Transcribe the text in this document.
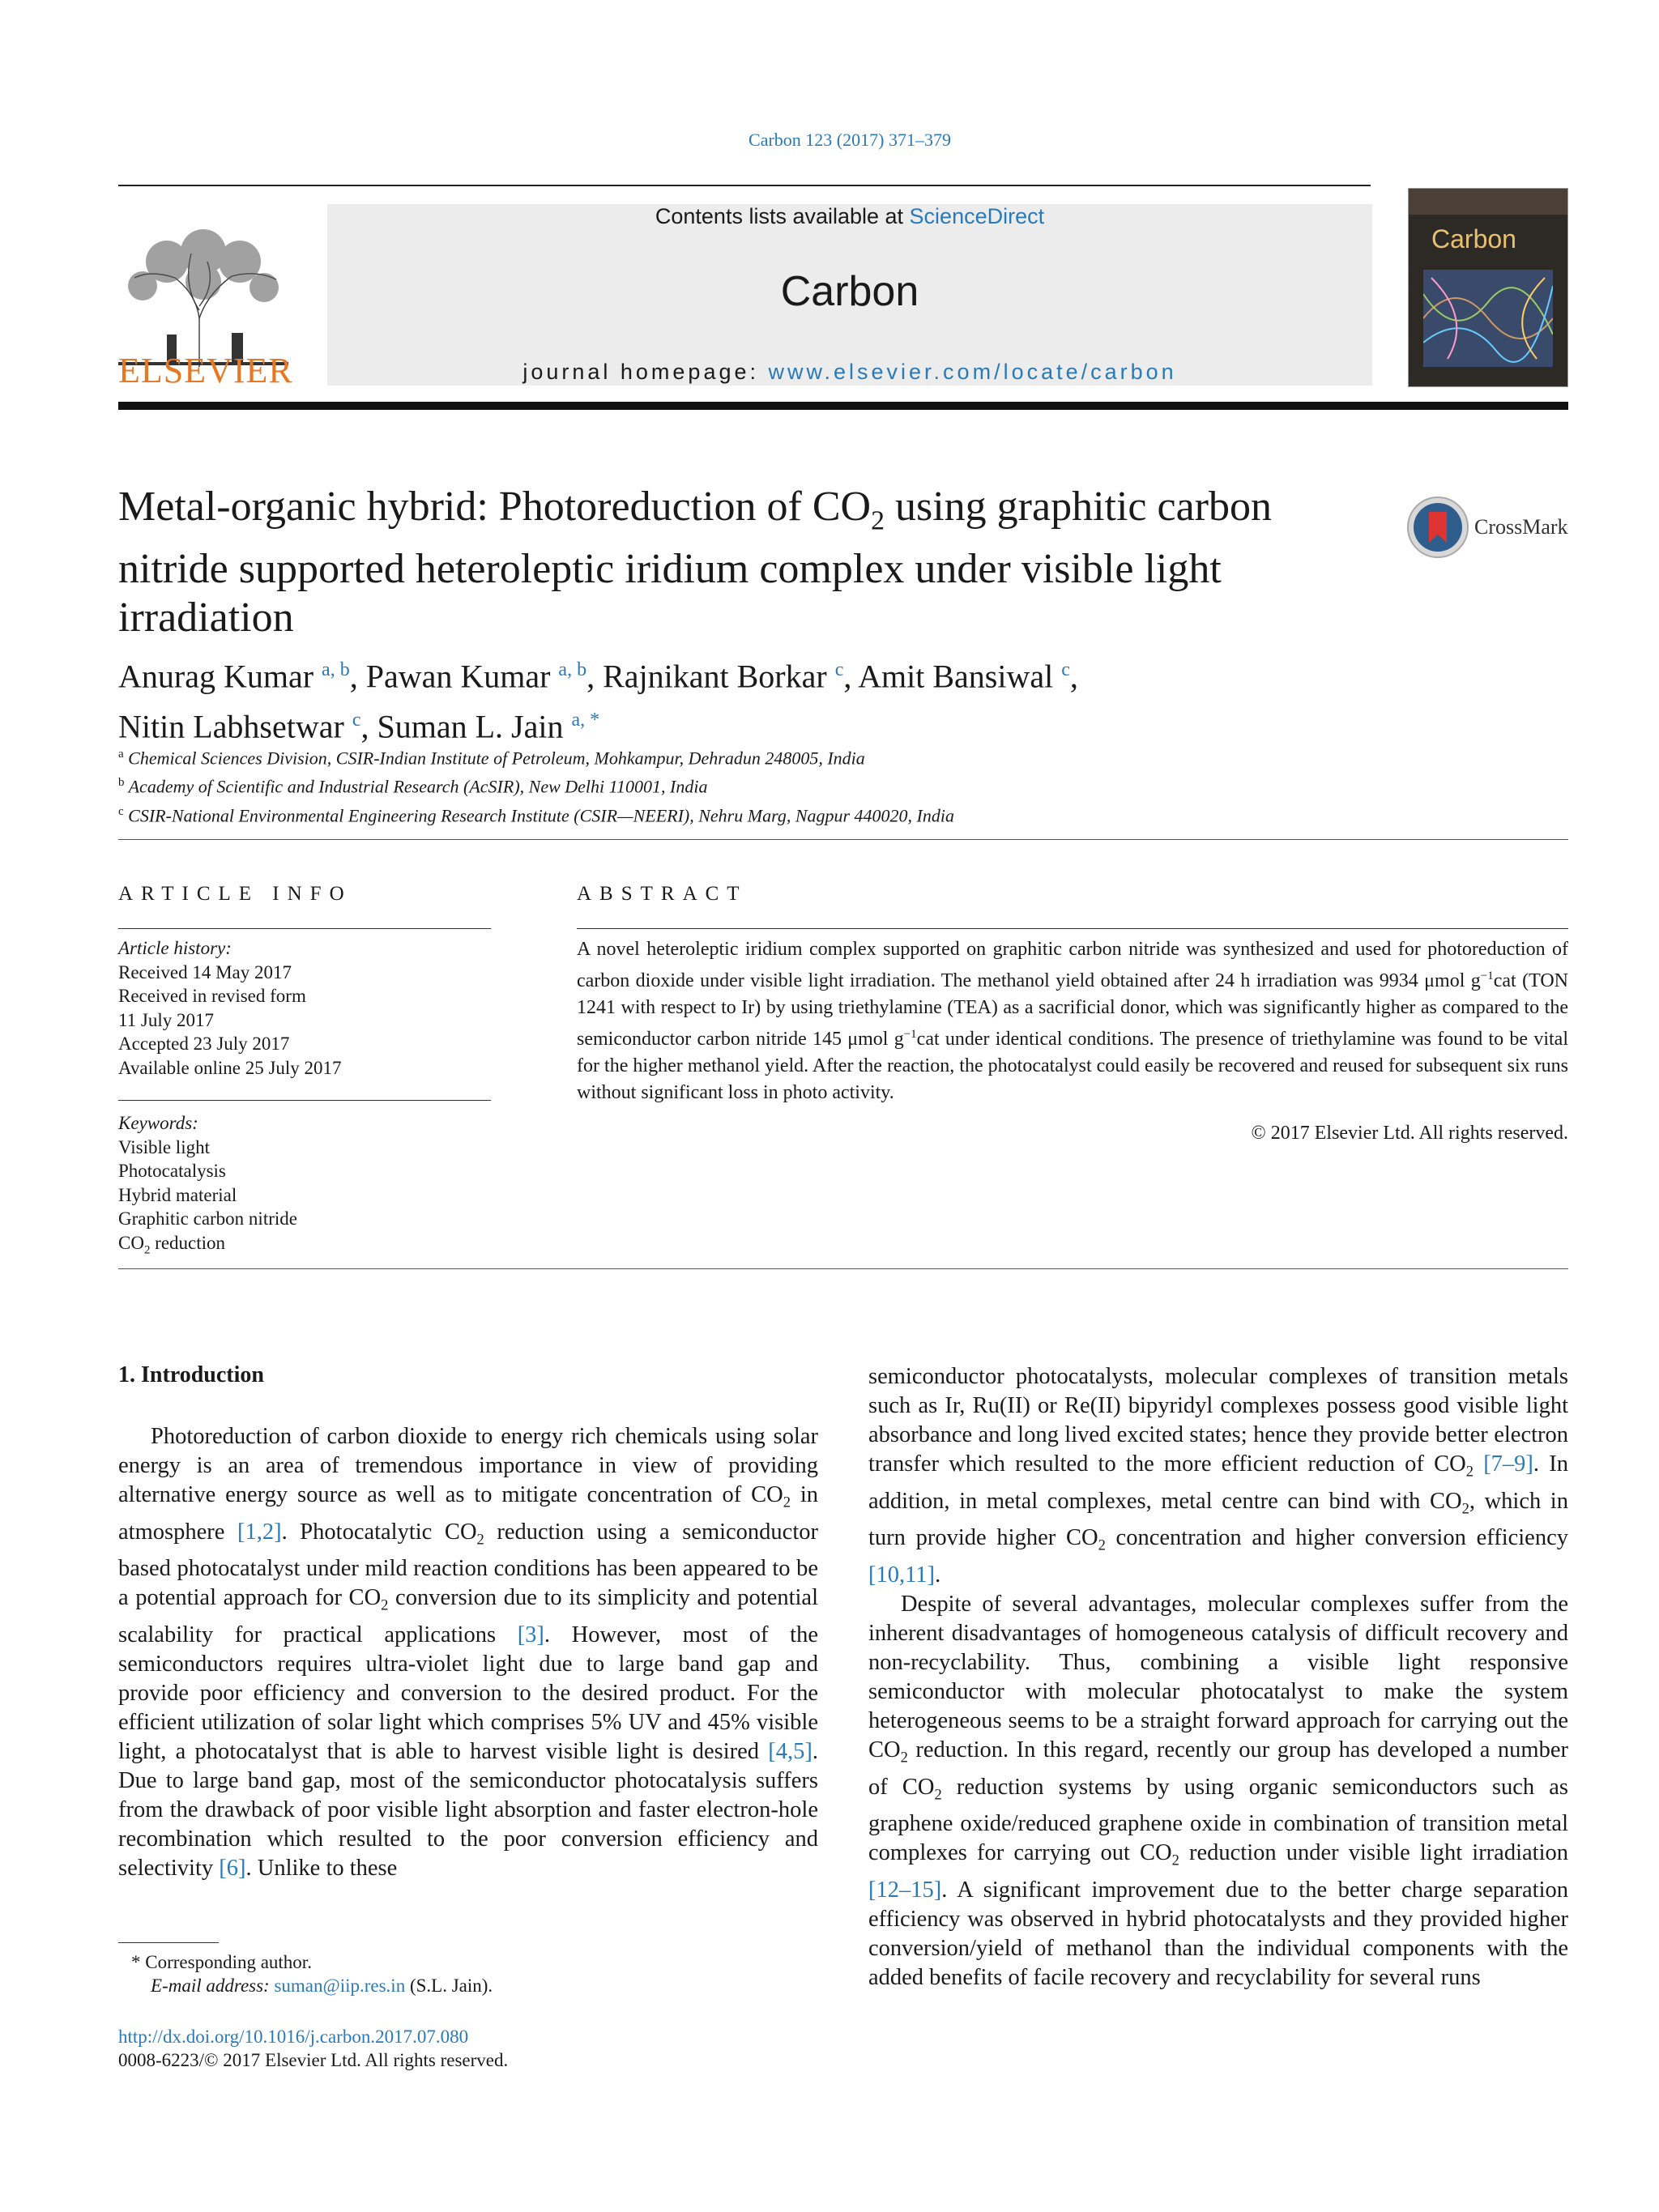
Carbon 123 (2017) 371–379
ELSEVIER
Contents lists available at ScienceDirect
Carbon
journal homepage: www.elsevier.com/locate/carbon
Carbon
Metal-organic hybrid: Photoreduction of $CO_2$ using graphitic carbon
nitride supported heteroleptic iridium complex under visible light
irradiation
CrossMark
Anurag Kumar $^{a, b}$, Pawan Kumar $^{a, b}$, Rajnikant Borkar $^c$, Amit Bansiwal $^c$,
Nitin Labhsetwar $^c$, Suman L. Jain $^{a, *}$
$^a$ Chemical Sciences Division, CSIR-Indian Institute of Petroleum, Mohkampur, Dehradun 248005, India
$^b$ Academy of Scientific and Industrial Research (AcSIR), New Delhi 110001, India
$^c$ CSIR-National Environmental Engineering Research Institute (CSIR—NEERI), Nehru Marg, Nagpur 440020, India
ARTICLE INFO
Article history:
Received 14 May 2017
Received in revised form
11 July 2017
Accepted 23 July 2017
Available online 25 July 2017
Keywords:
Visible light
Photocatalysis
Hybrid material
Graphitic carbon nitride
$CO_2$ reduction
ABSTRACT
A novel heteroleptic iridium complex supported on graphitic carbon nitride was synthesized and used for photoreduction of carbon dioxide under visible light irradiation. The methanol yield obtained after 24 h irradiation was 9934 μmol $g^{-1}cat$ (TON 1241 with respect to Ir) by using triethylamine (TEA) as a sacrificial donor, which was significantly higher as compared to the semiconductor carbon nitride 145 μmol $g^{-1}cat$ under identical conditions. The presence of triethylamine was found to be vital for the higher methanol yield. After the reaction, the photocatalyst could easily be recovered and reused for subsequent six runs without significant loss in photo activity.
© 2017 Elsevier Ltd. All rights reserved.
1. Introduction
Photoreduction of carbon dioxide to energy rich chemicals using solar energy is an area of tremendous importance in view of providing alternative energy source as well as to mitigate concentration of $CO_2$ in atmosphere [1,2]. Photocatalytic $CO_2$ reduction using a semiconductor based photocatalyst under mild reaction conditions has been appeared to be a potential approach for $CO_2$ conversion due to its simplicity and potential scalability for practical applications [3]. However, most of the semiconductors requires ultra-violet light due to large band gap and provide poor efficiency and conversion to the desired product. For the efficient utilization of solar light which comprises 5% UV and 45% visible light, a photocatalyst that is able to harvest visible light is desired [4,5]. Due to large band gap, most of the semiconductor photocatalysis suffers from the drawback of poor visible light absorption and faster electron-hole recombination which resulted to the poor conversion efficiency and selectivity [6]. Unlike to these
semiconductor photocatalysts, molecular complexes of transition metals such as Ir, Ru(II) or Re(II) bipyridyl complexes possess good visible light absorbance and long lived excited states; hence they provide better electron transfer which resulted to the more efficient reduction of $CO_2$ [7–9]. In addition, in metal complexes, metal centre can bind with $CO_2$, which in turn provide higher $CO_2$ concentration and higher conversion efficiency [10,11].
Despite of several advantages, molecular complexes suffer from the inherent disadvantages of homogeneous catalysis of difficult recovery and non-recyclability. Thus, combining a visible light responsive semiconductor with molecular photocatalyst to make the system heterogeneous seems to be a straight forward approach for carrying out the $CO_2$ reduction. In this regard, recently our group has developed a number of $CO_2$ reduction systems by using organic semiconductors such as graphene oxide/reduced graphene oxide in combination of transition metal complexes for carrying out $CO_2$ reduction under visible light irradiation [12–15]. A significant improvement due to the better charge separation efficiency was observed in hybrid photocatalysts and they provided higher conversion/yield of methanol than the individual components with the added benefits of facile recovery and recyclability for several runs
* Corresponding author.
E-mail address: suman@iip.res.in (S.L. Jain).
http://dx.doi.org/10.1016/j.carbon.2017.07.080
0008-6223/© 2017 Elsevier Ltd. All rights reserved.
